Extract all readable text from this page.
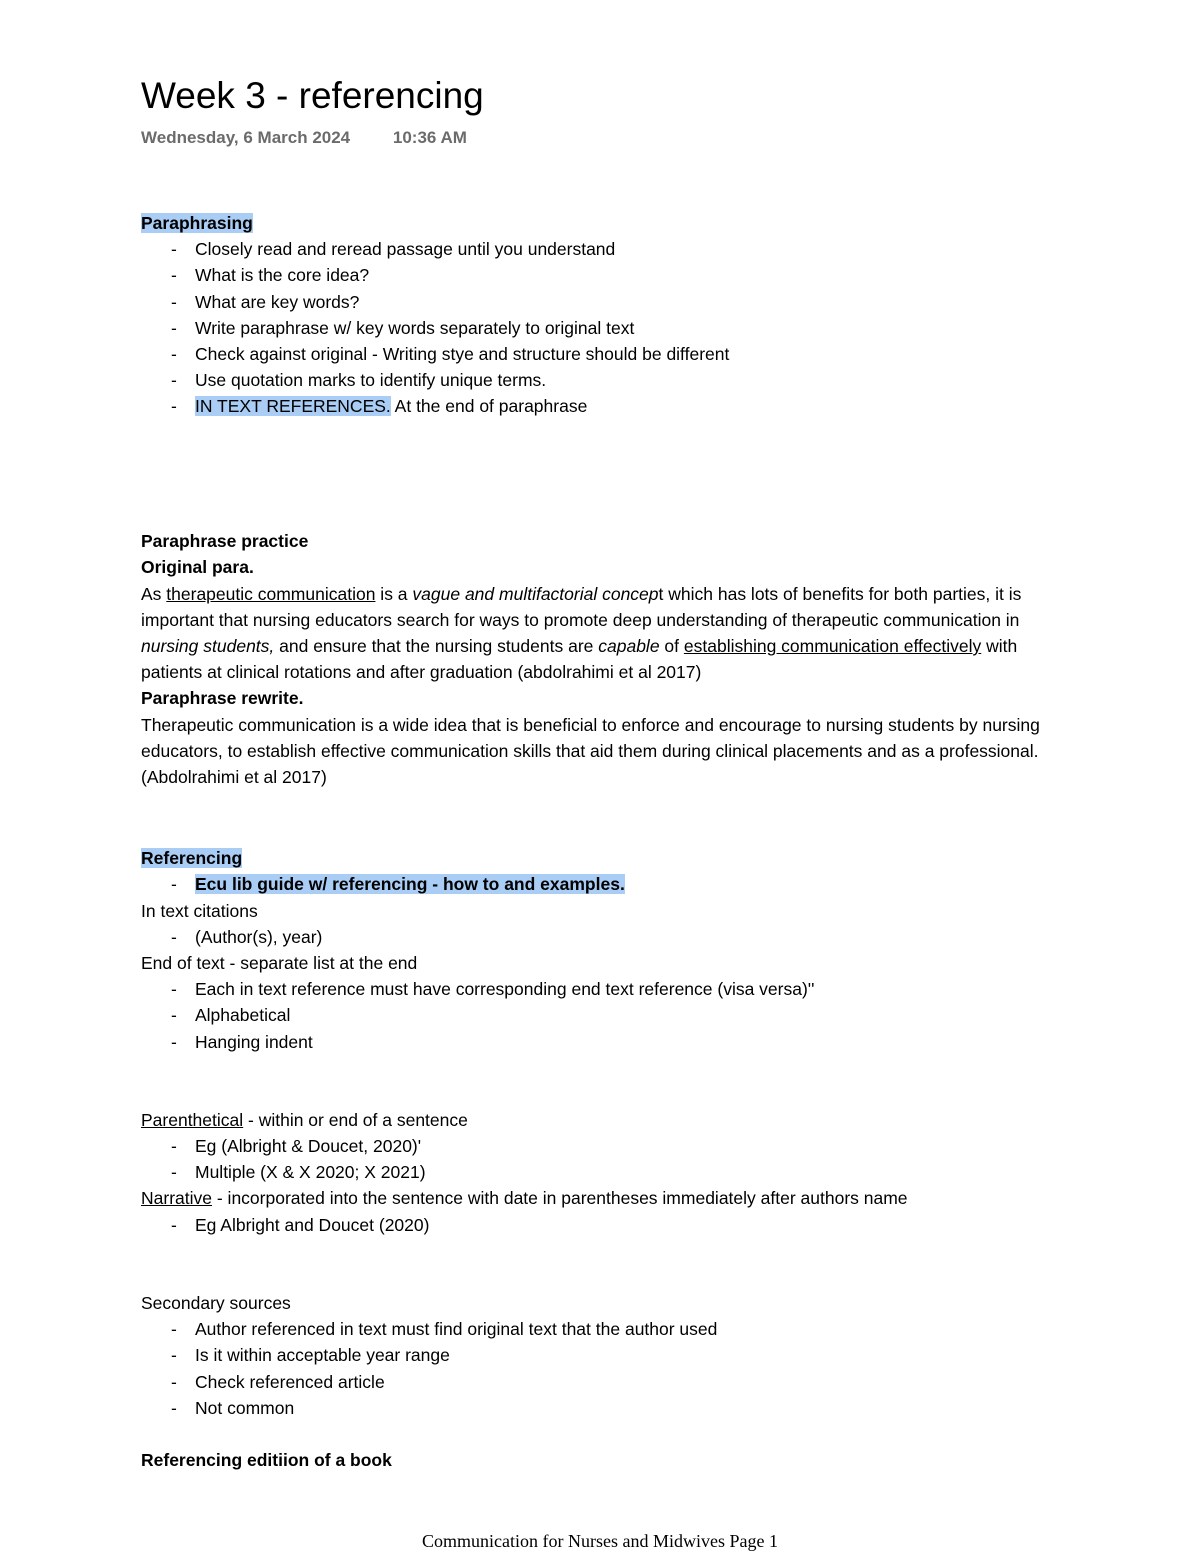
Week 3 - referencing
Wednesday, 6 March 2024	10:36 AM
Paraphrasing
- Closely read and reread passage until you understand
- What is the core idea?
- What are key words?
- Write paraphrase w/ key words separately to original text
- Check against original - Writing stye and structure should be different
- Use quotation marks to identify unique terms.
- IN TEXT REFERENCES. At the end of paraphrase
Paraphrase practice
Original para.
As therapeutic communication is a vague and multifactorial concept which has lots of benefits for both parties, it is important that nursing educators search for ways to promote deep understanding of therapeutic communication in nursing students, and ensure that the nursing students are capable of establishing communication effectively with patients at clinical rotations and after graduation (abdolrahimi et al 2017)
Paraphrase rewrite.
Therapeutic communication is a wide idea that is beneficial to enforce and encourage to nursing students by nursing educators, to establish effective communication skills that aid them during clinical placements and as a professional. (Abdolrahimi et al 2017)
Referencing
- Ecu lib guide w/ referencing - how to and examples.
In text citations
- (Author(s), year)
End of text - separate list at the end
- Each in text reference must have corresponding end text reference (visa versa)''
- Alphabetical
- Hanging indent
Parenthetical - within or end of a sentence
- Eg (Albright & Doucet, 2020)'
- Multiple (X & X 2020; X 2021)
Narrative - incorporated into the sentence with date in parentheses immediately after authors name
- Eg Albright and Doucet (2020)
Secondary sources
- Author referenced in text must find original text that the author used
- Is it within acceptable year range
- Check referenced article
- Not common
Referencing editiion of a book
Communication for Nurses and Midwives Page 1
